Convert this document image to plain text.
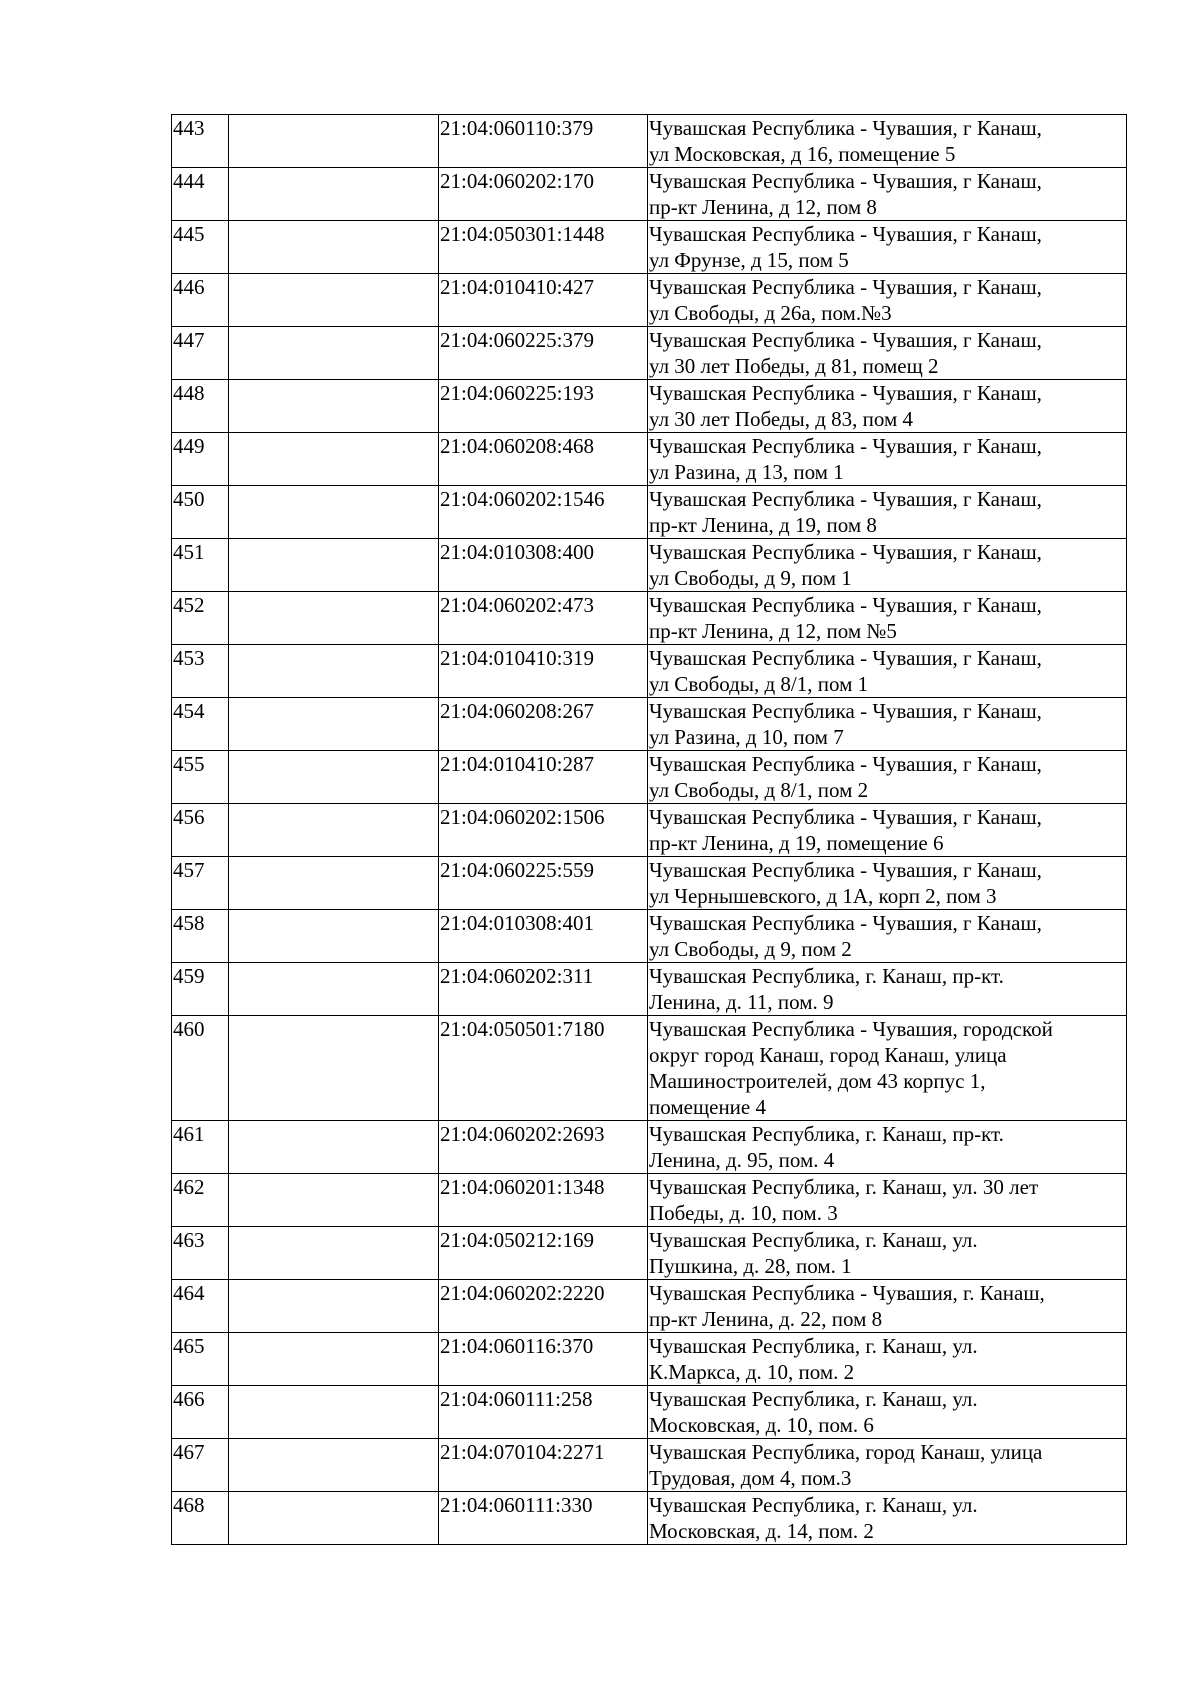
443		21:04:060110:379	Чувашская Республика - Чувашия, г Канаш,
ул Московская, д 16, помещение 5

444		21:04:060202:170	Чувашская Республика - Чувашия, г Канаш,
пр-кт Ленина, д 12, пом 8

445		21:04:050301:1448	Чувашская Республика - Чувашия, г Канаш,
ул Фрунзе, д 15, пом 5

446		21:04:010410:427	Чувашская Республика - Чувашия, г Канаш,
ул Свободы, д 26а, пом.№3

447		21:04:060225:379	Чувашская Республика - Чувашия, г Канаш,
ул 30 лет Победы, д 81, помещ 2

448		21:04:060225:193	Чувашская Республика - Чувашия, г Канаш,
ул 30 лет Победы, д 83, пом 4

449		21:04:060208:468	Чувашская Республика - Чувашия, г Канаш,
ул Разина, д 13, пом 1

450		21:04:060202:1546	Чувашская Республика - Чувашия, г Канаш,
пр-кт Ленина, д 19, пом 8

451		21:04:010308:400	Чувашская Республика - Чувашия, г Канаш,
ул Свободы, д 9, пом 1

452		21:04:060202:473	Чувашская Республика - Чувашия, г Канаш,
пр-кт Ленина, д 12, пом №5

453		21:04:010410:319	Чувашская Республика - Чувашия, г Канаш,
ул Свободы, д 8/1, пом 1

454		21:04:060208:267	Чувашская Республика - Чувашия, г Канаш,
ул Разина, д 10, пом 7

455		21:04:010410:287	Чувашская Республика - Чувашия, г Канаш,
ул Свободы, д 8/1, пом 2

456		21:04:060202:1506	Чувашская Республика - Чувашия, г Канаш,
пр-кт Ленина, д 19, помещение 6

457		21:04:060225:559	Чувашская Республика - Чувашия, г Канаш,
ул Чернышевского, д 1А, корп 2, пом 3

458		21:04:010308:401	Чувашская Республика - Чувашия, г Канаш,
ул Свободы, д 9, пом 2

459		21:04:060202:311	Чувашская Республика, г. Канаш, пр-кт.
Ленина, д. 11, пом. 9

460		21:04:050501:7180	Чувашская Республика - Чувашия, городской
округ город Канаш, город Канаш, улица
Машиностроителей, дом 43 корпус 1,
помещение 4

461		21:04:060202:2693	Чувашская Республика, г. Канаш, пр-кт.
Ленина, д. 95, пом. 4

462		21:04:060201:1348	Чувашская Республика, г. Канаш, ул. 30 лет
Победы, д. 10, пом. 3

463		21:04:050212:169	Чувашская Республика, г. Канаш, ул.
Пушкина, д. 28, пом. 1

464		21:04:060202:2220	Чувашская Республика - Чувашия, г. Канаш,
пр-кт Ленина, д. 22, пом 8

465		21:04:060116:370	Чувашская Республика, г. Канаш, ул.
К.Маркса, д. 10, пом. 2

466		21:04:060111:258	Чувашская Республика, г. Канаш, ул.
Московская, д. 10, пом. 6

467		21:04:070104:2271	Чувашская Республика, город Канаш, улица
Трудовая, дом 4, пом.3

468		21:04:060111:330	Чувашская Республика, г. Канаш, ул.
Московская, д. 14, пом. 2
